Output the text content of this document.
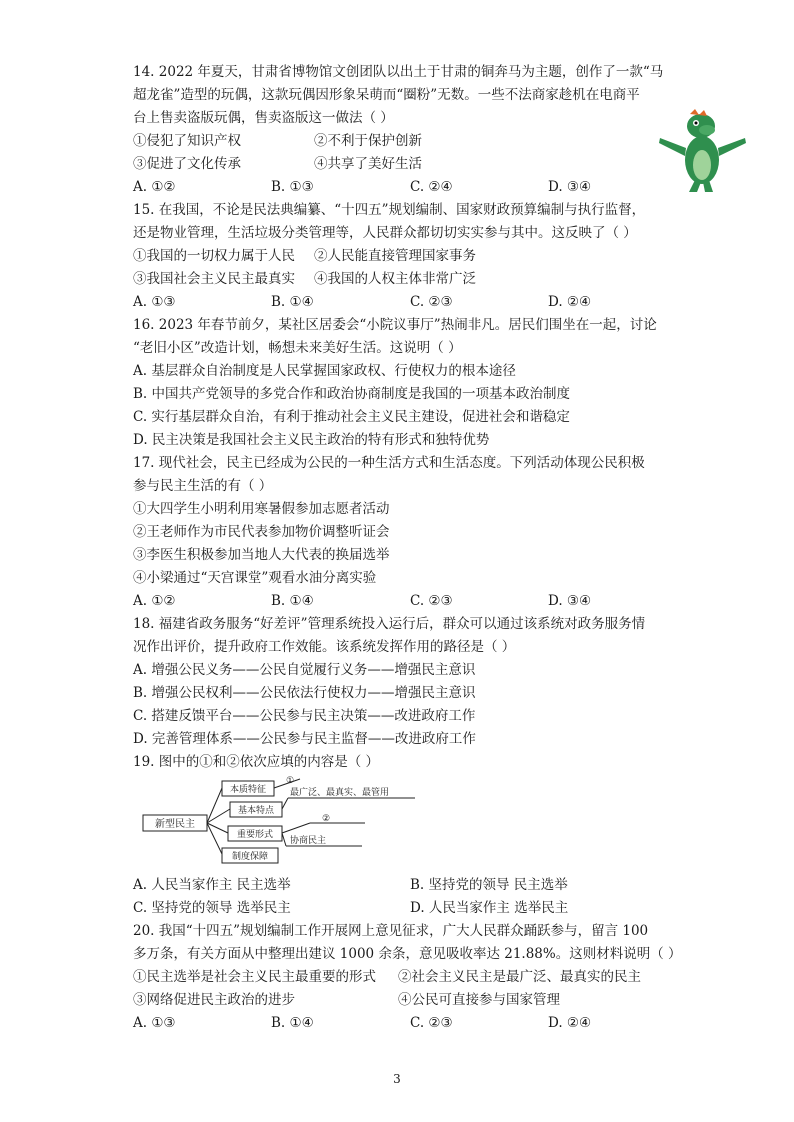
14. 2022 年夏天，甘肃省博物馆文创团队以出土于甘肃的铜奔马为主题，创作了一款“马
超龙雀”造型的玩偶，这款玩偶因形象呆萌而“圈粉”无数。一些不法商家趁机在电商平
台上售卖盗版玩偶，售卖盗版这一做法（ ）
①侵犯了知识产权	②不利于保护创新
③促进了文化传承	④共享了美好生活
A. ①②	B. ①③	C. ②④	D. ③④
15. 在我国，不论是民法典编纂、“十四五”规划编制、国家财政预算编制与执行监督，
还是物业管理，生活垃圾分类管理等，人民群众都切切实实参与其中。这反映了（ ）
①我国的一切权力属于人民 ②人民能直接管理国家事务
③我国社会主义民主最真实 ④我国的人权主体非常广泛
A. ①③	B. ①④	C. ②③	D. ②④
16. 2023 年春节前夕，某社区居委会“小院议事厅”热闹非凡。居民们围坐在一起，讨论
“老旧小区”改造计划，畅想未来美好生活。这说明（ ）
A. 基层群众自治制度是人民掌握国家政权、行使权力的根本途径
B. 中国共产党领导的多党合作和政治协商制度是我国的一项基本政治制度
C. 实行基层群众自治，有利于推动社会主义民主建设，促进社会和谐稳定
D. 民主决策是我国社会主义民主政治的特有形式和独特优势
17. 现代社会，民主已经成为公民的一种生活方式和生活态度。下列活动体现公民积极
参与民主生活的有（ ）
①大四学生小明利用寒暑假参加志愿者活动
②王老师作为市民代表参加物价调整听证会
③李医生积极参加当地人大代表的换届选举
④小梁通过“天宫课堂”观看水油分离实验
A. ①②	B. ①④	C. ②③	D. ③④
18. 福建省政务服务“好差评”管理系统投入运行后，群众可以通过该系统对政务服务情
况作出评价，提升政府工作效能。该系统发挥作用的路径是（ ）
A. 增强公民义务——公民自觉履行义务——增强民主意识
B. 增强公民权利——公民依法行使权力——增强民主意识
C. 搭建反馈平台——公民参与民主决策——改进政府工作
D. 完善管理体系——公民参与民主监督——改进政府工作
19. 图中的①和②依次应填的内容是（ ）
新型民主
本质特征
基本特点
重要形式
制度保障
①
②
最广泛、最真实、最管用
协商民主
A. 人民当家作主 民主选举	B. 坚持党的领导 民主选举
C. 坚持党的领导 选举民主	D. 人民当家作主 选举民主
20. 我国“十四五”规划编制工作开展网上意见征求，广大人民群众踊跃参与，留言 100
多万条，有关方面从中整理出建议 1000 余条，意见吸收率达 21.88%。这则材料说明（ ）
①民主选举是社会主义民主最重要的形式 ②社会主义民主是最广泛、最真实的民主
③网络促进民主政治的进步	④公民可直接参与国家管理
A. ①③	B. ①④	C. ②③	D. ②④
3
